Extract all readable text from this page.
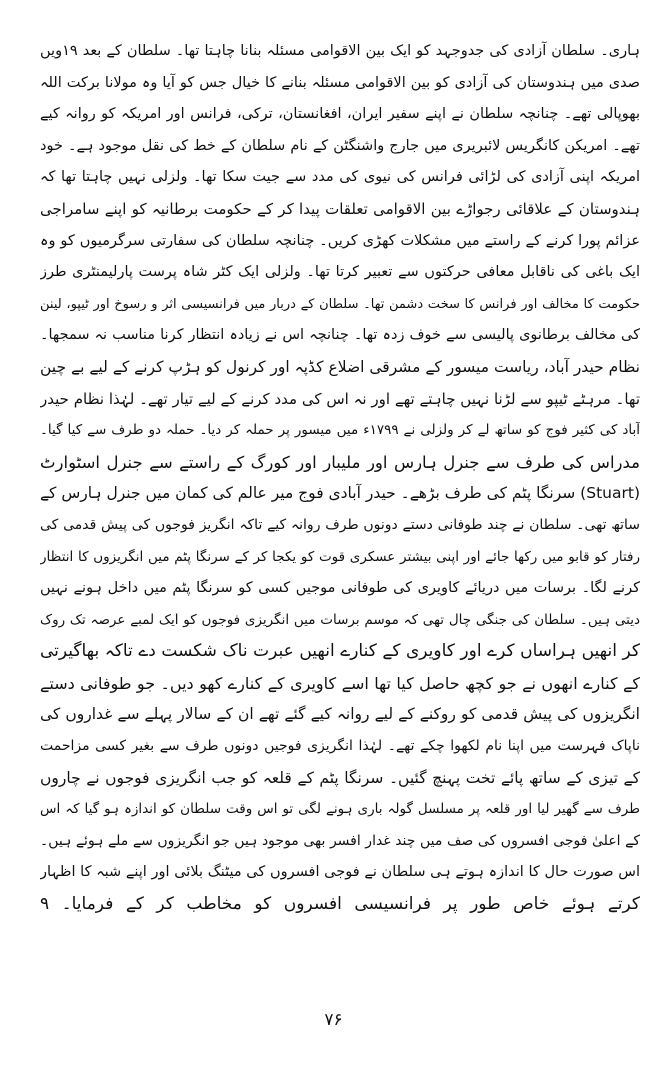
ہاری۔ سلطان آزادی کی جدوجہد کو ایک بین الاقوامی مسئلہ بنانا چاہتا تھا۔ سلطان کے بعد ۱۹ویں
صدی میں ہندوستان کی آزادی کو بین الاقوامی مسئلہ بنانے کا خیال جس کو آیا وہ مولانا برکت اللہ
بھوپالی تھے۔ چنانچہ سلطان نے اپنے سفیر ایران، افغانستان، ترکی، فرانس اور امریکہ کو روانہ کیے
تھے۔ امریکن کانگریس لائبریری میں جارج واشنگٹن کے نام سلطان کے خط کی نقل موجود ہے۔ خود
امریکہ اپنی آزادی کی لڑائی فرانس کی نیوی کی مدد سے جیت سکا تھا۔ ولزلی نہیں چاہتا تھا کہ
ہندوستان کے علاقائی رجواڑے بین الاقوامی تعلقات پیدا کر کے حکومت برطانیہ کو اپنے سامراجی
عزائم پورا کرنے کے راستے میں مشکلات کھڑی کریں۔ چنانچہ سلطان کی سفارتی سرگرمیوں کو وہ
ایک باغی کی ناقابل معافی حرکتوں سے تعبیر کرتا تھا۔ ولزلی ایک کٹر شاہ پرست پارلیمنٹری طرز
حکومت کا مخالف اور فرانس کا سخت دشمن تھا۔ سلطان کے دربار میں فرانسیسی اثر و رسوخ اور ٹیپو، لینن
کی مخالف برطانوی پالیسی سے خوف زدہ تھا۔ چنانچہ اس نے زیادہ انتظار کرنا مناسب نہ سمجھا۔
نظام حیدر آباد، ریاست میسور کے مشرقی اضلاع کڈپہ اور کرنول کو ہڑپ کرنے کے لیے بے چین
تھا۔ مرہٹے ٹیپو سے لڑنا نہیں چاہتے تھے اور نہ اس کی مدد کرنے کے لیے تیار تھے۔ لہٰذا نظام حیدر
آباد کی کثیر فوج کو ساتھ لے کر ولزلی نے ۱۷۹۹ء میں میسور پر حملہ کر دیا۔ حملہ دو طرف سے کیا گیا۔
مدراس کی طرف سے جنرل ہارس اور ملیبار اور کورگ کے راستے سے جنرل اسٹوارٹ
(Stuart) سرنگا پٹم کی طرف بڑھے۔ حیدر آبادی فوج میر عالم کی کمان میں جنرل ہارس کے
ساتھ تھی۔ سلطان نے چند طوفانی دستے دونوں طرف روانہ کیے تاکہ انگریز فوجوں کی پیش قدمی کی
رفتار کو قابو میں رکھا جائے اور اپنی بیشتر عسکری قوت کو یکجا کر کے سرنگا پٹم میں انگریزوں کا انتظار
کرنے لگا۔ برسات میں دریائے کاویری کی طوفانی موجیں کسی کو سرنگا پٹم میں داخل ہونے نہیں
دیتی ہیں۔ سلطان کی جنگی چال تھی کہ موسم برسات میں انگریزی فوجوں کو ایک لمبے عرصہ تک روک
کر انھیں ہراساں کرے اور کاویری کے کنارے انھیں عبرت ناک شکست دے تاکہ بھاگیرتی
کے کنارے انھوں نے جو کچھ حاصل کیا تھا اسے کاویری کے کنارے کھو دیں۔ جو طوفانی دستے
انگریزوں کی پیش قدمی کو روکنے کے لیے روانہ کیے گئے تھے ان کے سالار پہلے سے غداروں کی
ناپاک فہرست میں اپنا نام لکھوا چکے تھے۔ لہٰذا انگریزی فوجیں دونوں طرف سے بغیر کسی مزاحمت
کے تیزی کے ساتھ پائے تخت پہنچ گئیں۔ سرنگا پٹم کے قلعہ کو جب انگریزی فوجوں نے چاروں
طرف سے گھیر لیا اور قلعہ پر مسلسل گولہ باری ہونے لگی تو اس وقت سلطان کو اندازہ ہو گیا کہ اس
کے اعلیٰ فوجی افسروں کی صف میں چند غدار افسر بھی موجود ہیں جو انگریزوں سے ملے ہوئے ہیں۔
اس صورت حال کا اندازہ ہوتے ہی سلطان نے فوجی افسروں کی میٹنگ بلائی اور اپنے شبہ کا اظہار
کرتے ہوئے خاص طور پر فرانسیسی افسروں کو مخاطب کر کے فرمایا۔ ۹
۷۶
